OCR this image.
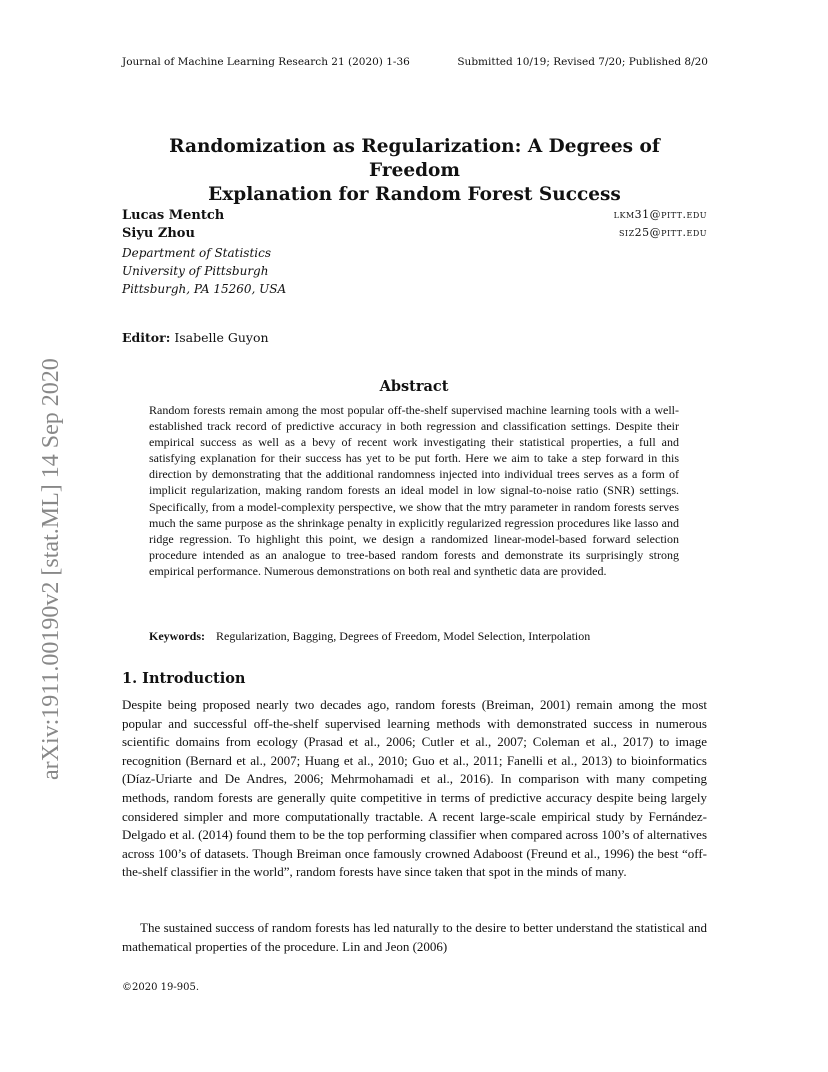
Journal of Machine Learning Research 21 (2020) 1-36	Submitted 10/19; Revised 7/20; Published 8/20
arXiv:1911.00190v2 [stat.ML] 14 Sep 2020
Randomization as Regularization: A Degrees of Freedom
Explanation for Random Forest Success
Lucas Mentch	lkm31@pitt.edu
Siyu Zhou	siz25@pitt.edu
Department of Statistics
University of Pittsburgh
Pittsburgh, PA 15260, USA
Editor: Isabelle Guyon
Abstract
Random forests remain among the most popular off-the-shelf supervised machine learning tools with a well-established track record of predictive accuracy in both regression and classification settings. Despite their empirical success as well as a bevy of recent work investigating their statistical properties, a full and satisfying explanation for their success has yet to be put forth. Here we aim to take a step forward in this direction by demonstrating that the additional randomness injected into individual trees serves as a form of implicit regularization, making random forests an ideal model in low signal-to-noise ratio (SNR) settings. Specifically, from a model-complexity perspective, we show that the mtry parameter in random forests serves much the same purpose as the shrinkage penalty in explicitly regularized regression procedures like lasso and ridge regression. To highlight this point, we design a randomized linear-model-based forward selection procedure intended as an analogue to tree-based random forests and demonstrate its surprisingly strong empirical performance. Numerous demonstrations on both real and synthetic data are provided.
Keywords: Regularization, Bagging, Degrees of Freedom, Model Selection, Interpolation
1. Introduction
Despite being proposed nearly two decades ago, random forests (Breiman, 2001) remain among the most popular and successful off-the-shelf supervised learning methods with demonstrated success in numerous scientific domains from ecology (Prasad et al., 2006; Cutler et al., 2007; Coleman et al., 2017) to image recognition (Bernard et al., 2007; Huang et al., 2010; Guo et al., 2011; Fanelli et al., 2013) to bioinformatics (Díaz-Uriarte and De Andres, 2006; Mehrmohamadi et al., 2016). In comparison with many competing methods, random forests are generally quite competitive in terms of predictive accuracy despite being largely considered simpler and more computationally tractable. A recent large-scale empirical study by Fernández-Delgado et al. (2014) found them to be the top performing classifier when compared across 100’s of alternatives across 100’s of datasets. Though Breiman once famously crowned Adaboost (Freund et al., 1996) the best “off-the-shelf classifier in the world”, random forests have since taken that spot in the minds of many.
The sustained success of random forests has led naturally to the desire to better understand the statistical and mathematical properties of the procedure. Lin and Jeon (2006)
©2020 19-905.
